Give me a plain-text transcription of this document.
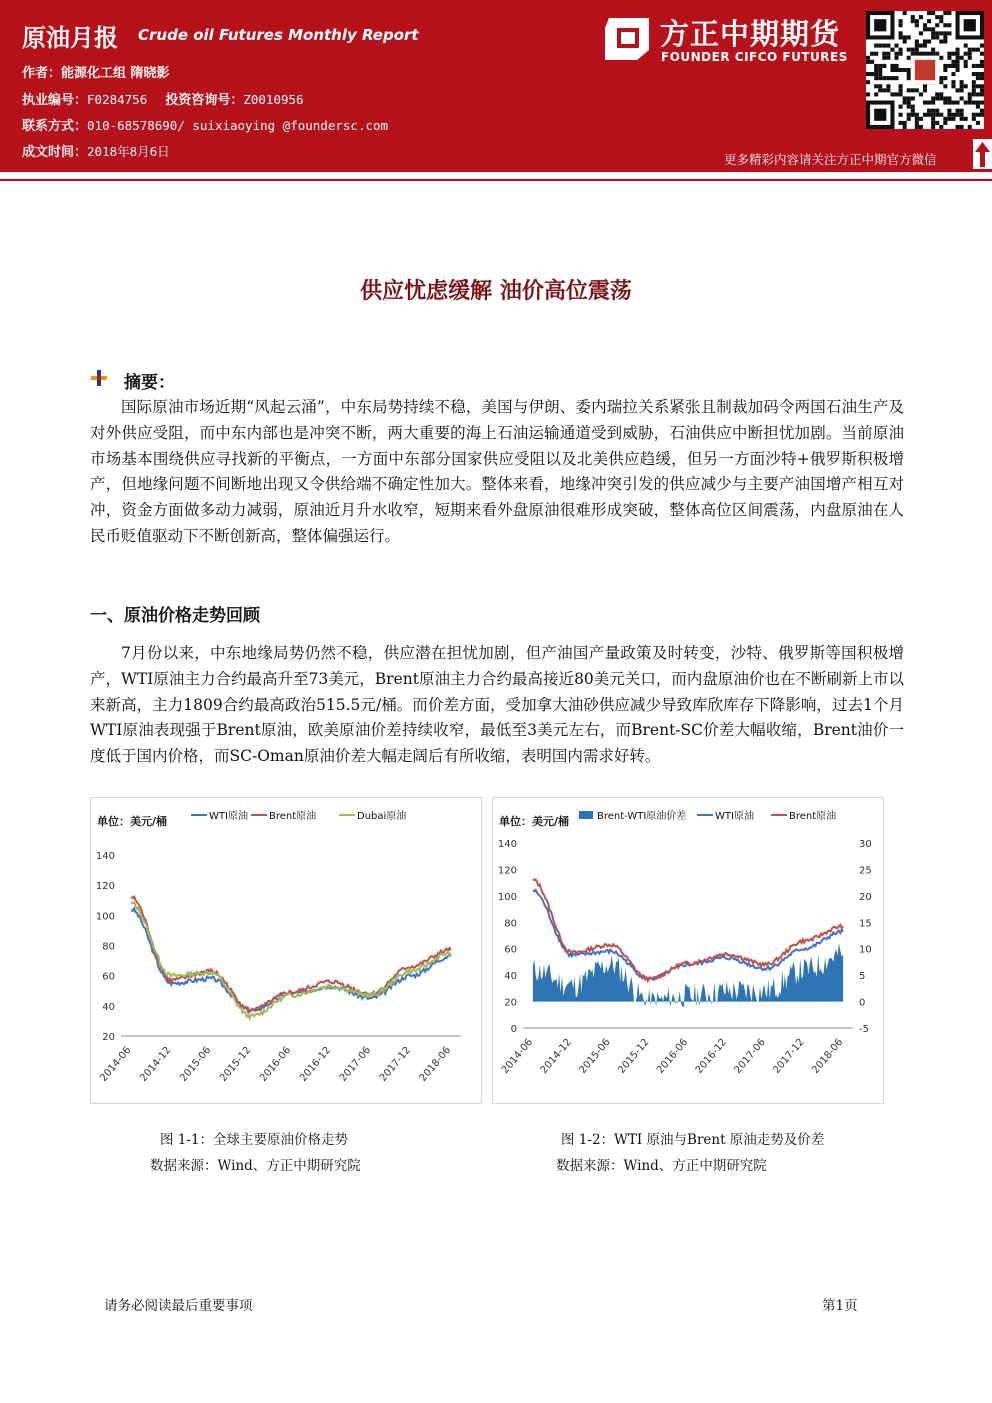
原油月报 Crude oil Futures Monthly Report
作者：能源化工组 隋晓影
执业编号：F0284756 投资咨询号：Z0010956
联系方式：010-68578690/ suixiaoying @foundersc.com
成文时间：2018年8月6日
方正中期期货
FOUNDER CIFCO FUTURES
更多精彩内容请关注方正中期官方微信
供应忧虑缓解 油价高位震荡
摘要：

国际原油市场近期“风起云涌”，中东局势持续不稳，美国与伊朗、委内瑞拉关系紧张且制裁加码令两国石油生产及对外供应受阻，而中东内部也是冲突不断，两大重要的海上石油运输通道受到威胁，石油供应中断担忧加剧。当前原油市场基本围绕供应寻找新的平衡点，一方面中东部分国家供应受阻以及北美供应趋缓，但另一方面沙特+俄罗斯积极增产，但地缘问题不间断地出现又令供给端不确定性加大。整体来看，地缘冲突引发的供应减少与主要产油国增产相互对冲，资金方面做多动力减弱，原油近月升水收窄，短期来看外盘原油很难形成突破，整体高位区间震荡，内盘原油在人民币贬值驱动下不断创新高，整体偏强运行。

一、原油价格走势回顾

7月份以来，中东地缘局势仍然不稳，供应潜在担忧加剧，但产油国产量政策及时转变，沙特、俄罗斯等国积极增产，WTI原油主力合约最高升至73美元，Brent原油主力合约最高接近80美元关口，而内盘原油价也在不断刷新上市以来新高，主力1809合约最高政治515.5元/桶。而价差方面，受加拿大油砂供应减少导致库欣库存下降影响，过去1个月WTI原油表现强于Brent原油，欧美原油价差持续收窄，最低至3美元左右，而Brent-SC价差大幅收缩，Brent油价一度低于国内价格，而SC-Oman原油价差大幅走阔后有所收缩，表明国内需求好转。

单位：美元/桶
20
40
60
80
100
120
140
2014-06 2014-12 2015-06 2015-12 2016-06 2016-12 2017-06 2017-12 2018-06
WTI原油 Brent原油	Dubai原油	单位：美元/桶
0
20
40
60
80
100
120
140
-5
0
5
10
15
20
25
30
2014-06 2014-12 2015-06 2015-12 2016-06 2016-12 2017-06 2017-12 2018-06
Brent-WTI原油价差	WTI原油	Brent原油
图 1-1：全球主要原油价格走势
数据来源：Wind、方正中期研究院
图 1-2：WTI 原油与Brent 原油走势及价差
数据来源：Wind、方正中期研究院
请务必阅读最后重要事项	第1页
